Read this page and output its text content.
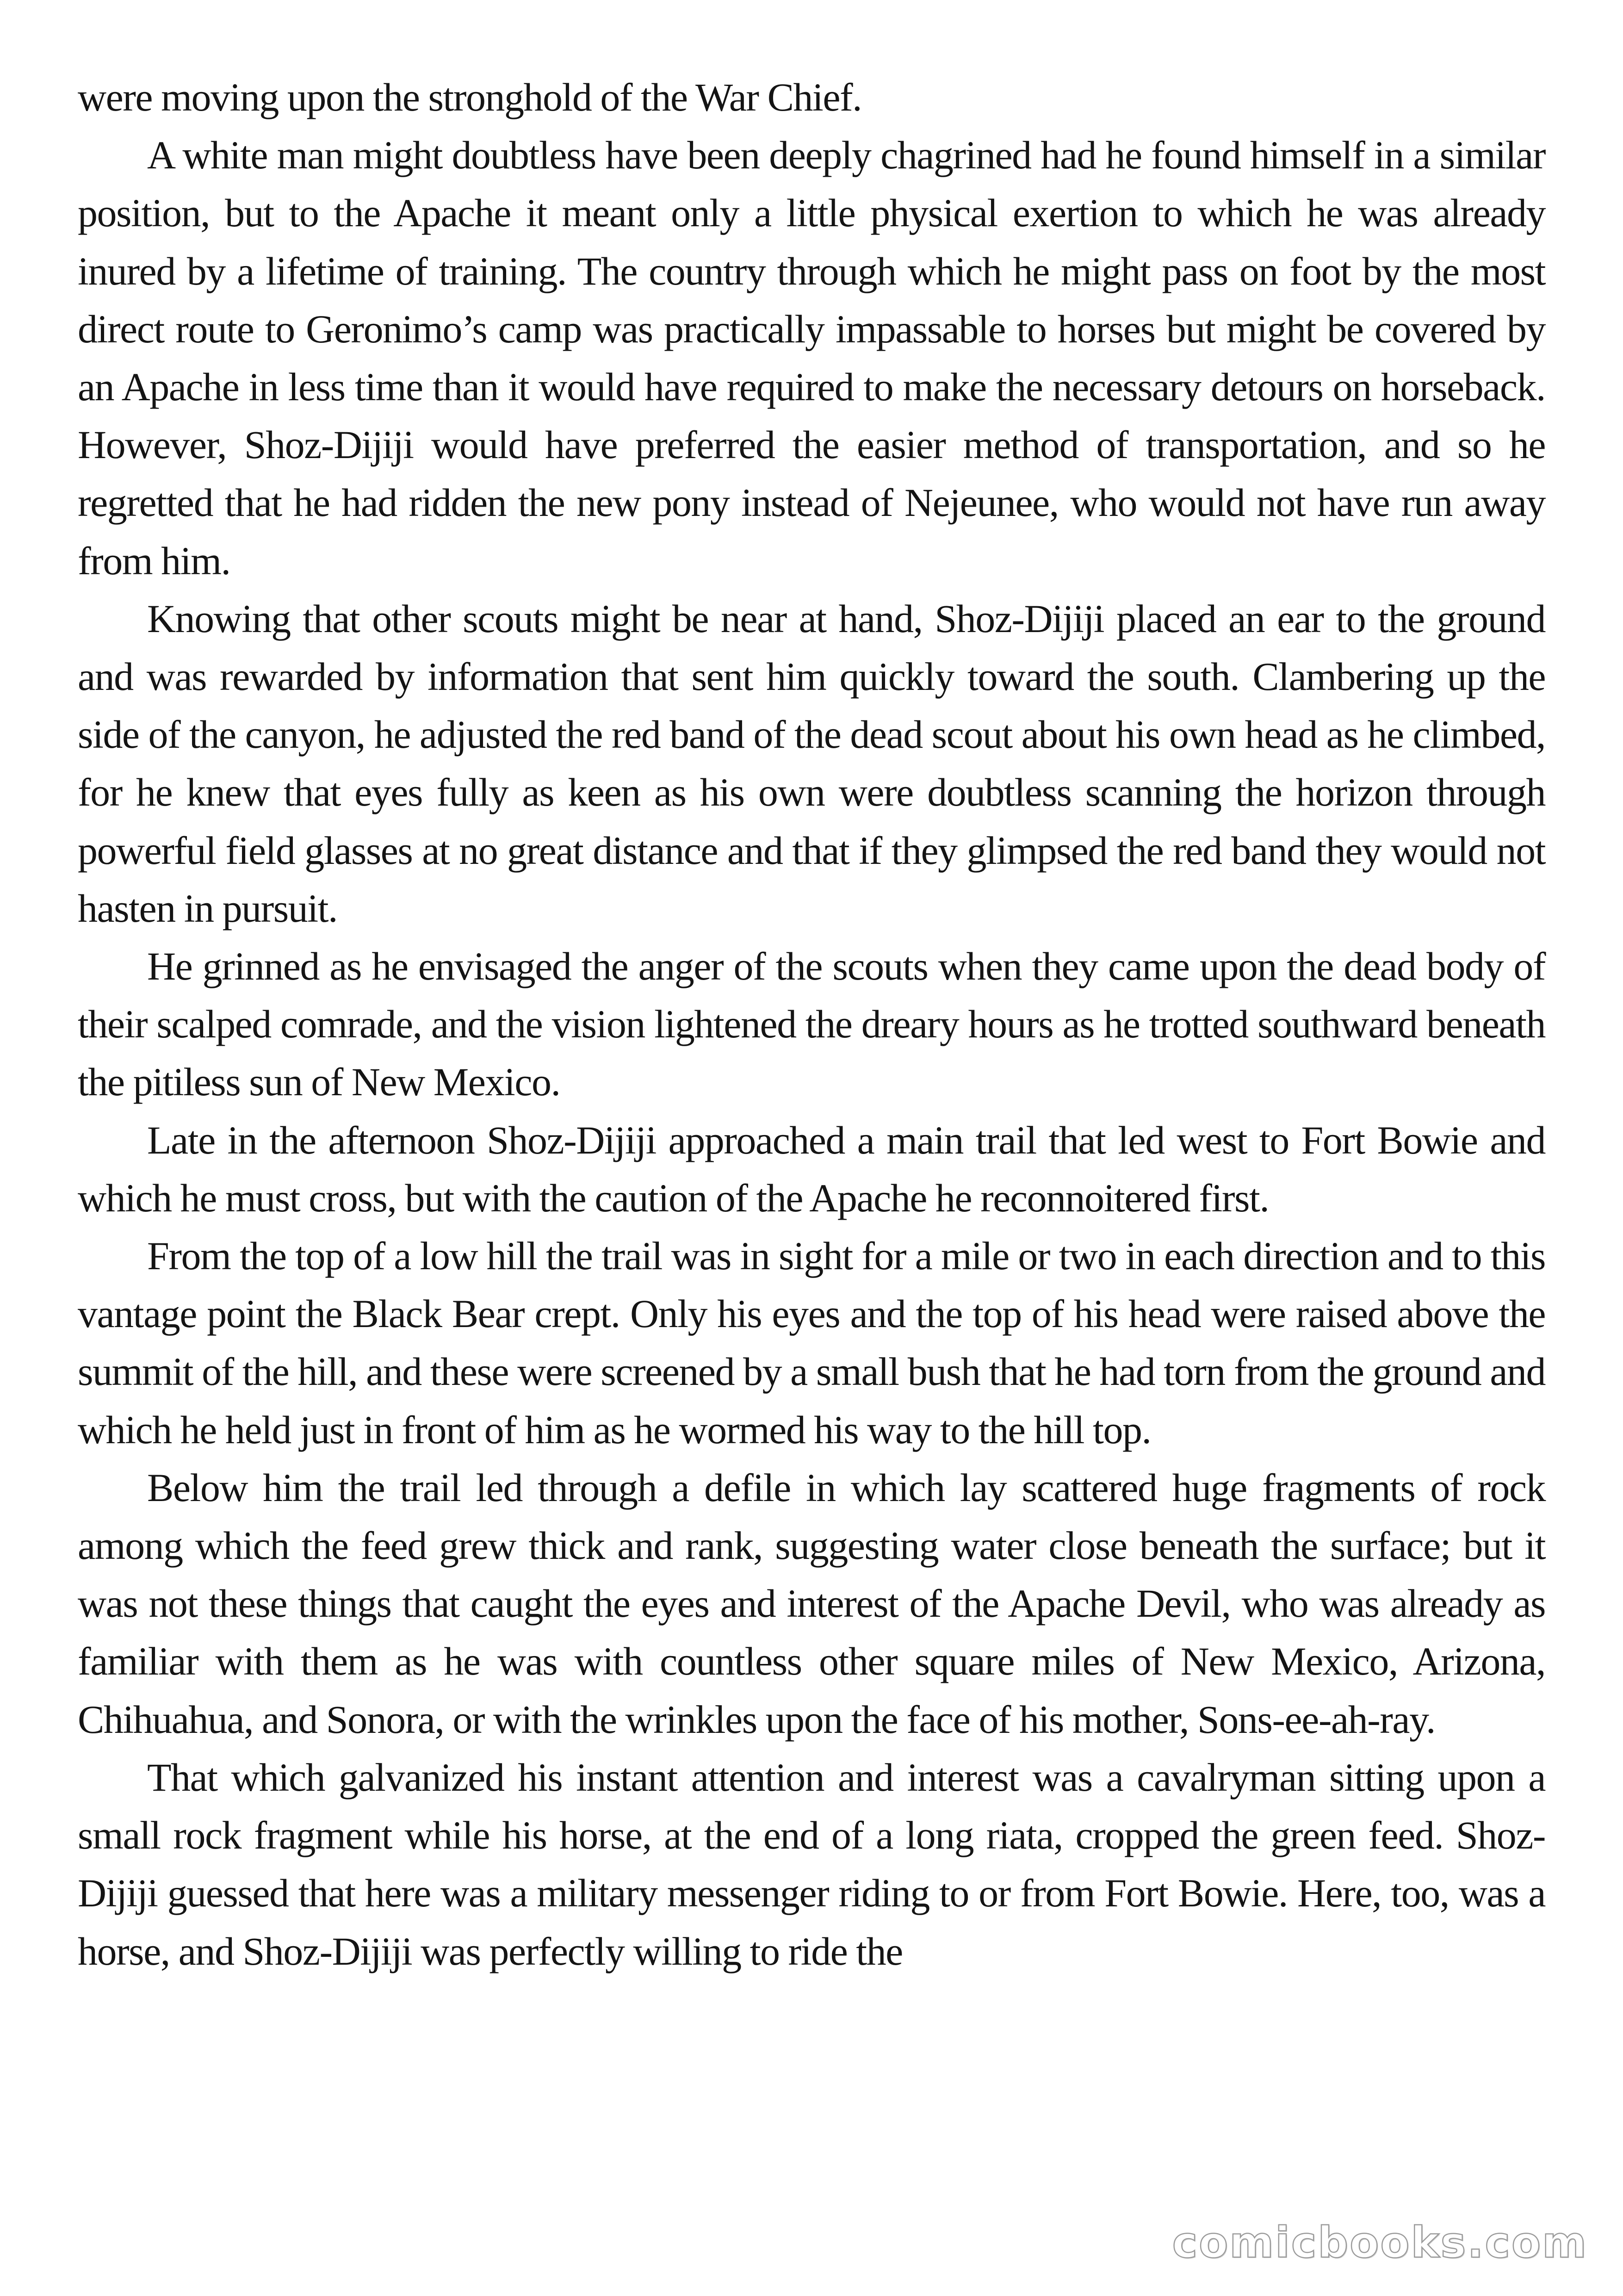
were moving upon the stronghold of the War Chief.

A white man might doubtless have been deeply chagrined had he found himself in a similar position, but to the Apache it meant only a little physical exertion to which he was already inured by a lifetime of training. The country through which he might pass on foot by the most direct route to Geronimo’s camp was practically impassable to horses but might be covered by an Apache in less time than it would have required to make the necessary detours on horseback. However, Shoz-Dijiji would have preferred the easier method of transportation, and so he regretted that he had ridden the new pony instead of Nejeunee, who would not have run away from him.

Knowing that other scouts might be near at hand, Shoz-Dijiji placed an ear to the ground and was rewarded by information that sent him quickly toward the south. Clambering up the side of the canyon, he adjusted the red band of the dead scout about his own head as he climbed, for he knew that eyes fully as keen as his own were doubtless scanning the horizon through powerful field glasses at no great distance and that if they glimpsed the red band they would not hasten in pursuit.

He grinned as he envisaged the anger of the scouts when they came upon the dead body of their scalped comrade, and the vision lightened the dreary hours as he trotted southward beneath the pitiless sun of New Mexico.

Late in the afternoon Shoz-Dijiji approached a main trail that led west to Fort Bowie and which he must cross, but with the caution of the Apache he reconnoitered first.

From the top of a low hill the trail was in sight for a mile or two in each direction and to this vantage point the Black Bear crept. Only his eyes and the top of his head were raised above the summit of the hill, and these were screened by a small bush that he had torn from the ground and which he held just in front of him as he wormed his way to the hill top.

Below him the trail led through a defile in which lay scattered huge fragments of rock among which the feed grew thick and rank, suggesting water close beneath the surface; but it was not these things that caught the eyes and interest of the Apache Devil, who was already as familiar with them as he was with countless other square miles of New Mexico, Arizona, Chihuahua, and Sonora, or with the wrinkles upon the face of his mother, Sons-ee-ah-ray.

That which galvanized his instant attention and interest was a cavalryman sitting upon a small rock fragment while his horse, at the end of a long riata, cropped the green feed. Shoz-Dijiji guessed that here was a military messenger riding to or from Fort Bowie. Here, too, was a horse, and Shoz-Dijiji was perfectly willing to ride the

comicbooks.com
